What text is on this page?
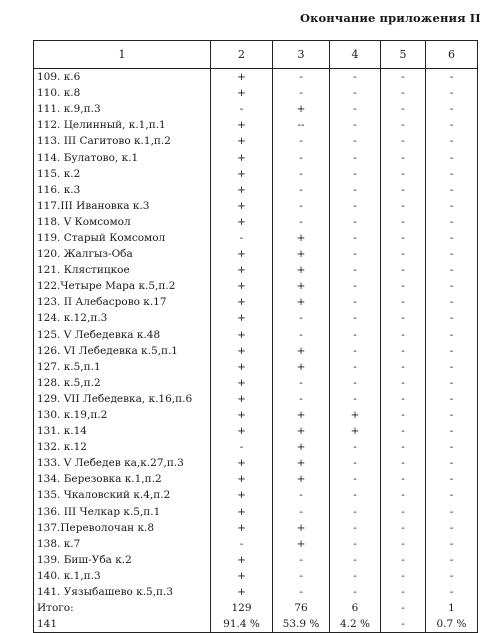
Окончание приложения II
1	2	3	4	5	6
109. к.6	+	-	-	-	-
110. к.8	+	-	-	-	-
111. к.9,п.3	-	+	-	-	-
112. Целинный, к.1,п.1	+	--	-	-	-
113. III Сагитово к.1,п.2	+	-	-	-	-
114. Булатово, к.1	+	-	-	-	-
115. к.2	+	-	-	-	-
116. к.3	+	-	-	-	-
117.III Ивановка к.3	+	-	-	-	-
118. V Комсомол	+	-	-	-	-
119. Старый Комсомол	-	+	-	-	-
120. Жалгыз-Оба	+	+	-	-	-
121. Клястицкое	+	+	-	-	-
122.Четыре Мара к.5,п.2	+	+	-	-	-
123. II Алебасрово к.17	+	+	-	-	-
124. к.12,п.3	+	-	-	-	-
125. V Лебедевка к.48	+	-	-	-	-
126. VI Лебедевка к.5,п.1	+	+	-	-	-
127. к.5,п.1	+	+	-	-	-
128. к.5,п.2	+	-	-	-	-
129. VII Лебедевка, к.16,п.6	+	-	-	-	-
130. к.19,п.2	+	+	+	-	-
131. к.14	+	+	+	-	-
132. к.12	-	+	-	-	-
133. V Лебедев ка,к.27,п.3	+	+	-	-	-
134. Березовка к.1,п.2	+	+	-	-	-
135. Чкаловский к.4,п.2	+	-	-	-	-
136. III Челкар к.5,п.1	+	-	-	-	-
137.Переволочан к.8	+	+	-	-	-
138. к.7	-	+	-	-	-
139. Биш-Уба к.2	+	-	-	-	-
140. к.1,п.3	+	-	-	-	-
141. Уязыбашево к.5,п.3	+	-	-	-	-
Итого:	129	76	6	-	1
141	91.4 %	53.9 %	4.2 %	-	0.7 %
